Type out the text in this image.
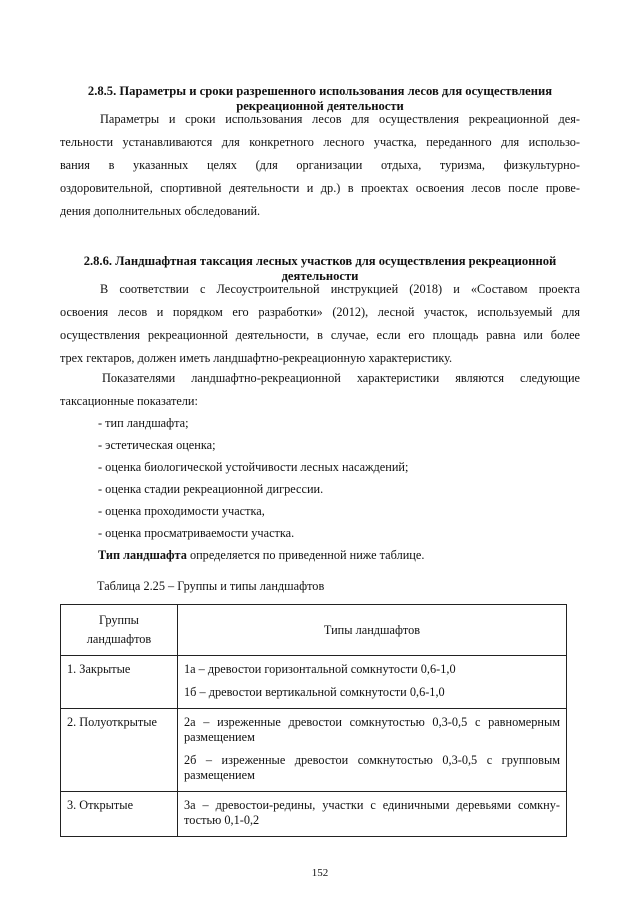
2.8.5. Параметры и сроки разрешенного использования лесов для осуществления
рекреационной деятельности
Параметры и сроки использования лесов для осуществления рекреационной дея-
тельности устанавливаются для конкретного лесного участка, переданного для использо-
вания в указанных целях (для организации отдыха, туризма, физкультурно-
оздоровительной, спортивной деятельности и др.) в проектах освоения лесов после прове-
дения дополнительных обследований.
2.8.6. Ландшафтная таксация лесных участков для осуществления рекреационной
деятельности
В соответствии с Лесоустроительной инструкцией (2018) и «Составом проекта
освоения лесов и порядком его разработки» (2012), лесной участок, используемый для
осуществления рекреационной деятельности, в случае, если его площадь равна или более
трех гектаров, должен иметь ландшафтно-рекреационную характеристику.
Показателями ландшафтно-рекреационной характеристики являются следующие
таксационные показатели:
- тип ландшафта;
- эстетическая оценка;
- оценка биологической устойчивости лесных насаждений;
- оценка стадии рекреационной дигрессии.
- оценка проходимости участка,
- оценка просматриваемости участка.
Тип ландшафта определяется по приведенной ниже таблице.
Таблица 2.25 – Группы и типы ландшафтов
Группы
ландшафтов	Типы ландшафтов
1. Закрытые	1а – древостои горизонтальной сомкнутости 0,6-1,0
1б – древостои вертикальной сомкнутости 0,6-1,0

2. Полуоткрытые	2а – изреженные древостои сомкнутостью 0,3-0,5 с равномерным размещением
2б – изреженные древостои сомкнутостью 0,3-0,5 с групповым размещением

3. Открытые	3а – древостои-редины, участки с единичными деревьями сомкну-тостью 0,1-0,2
152
